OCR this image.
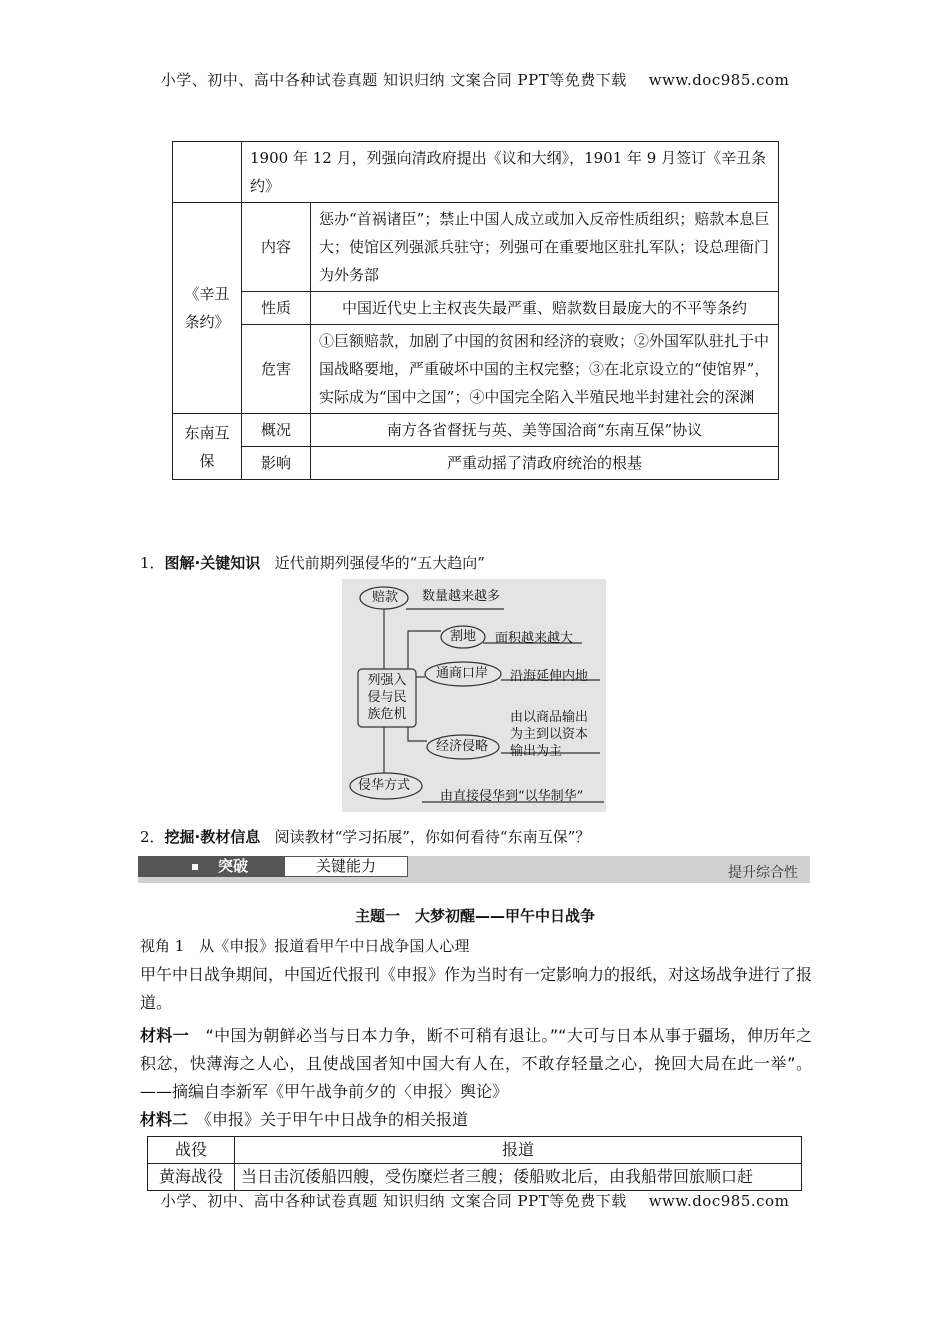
小学、初中、高中各种试卷真题 知识归纳 文案合同 PPT等免费下载 www.doc985.com
	1900 年 12 月，列强向清政府提出《议和大纲》，1901 年 9 月签订《辛丑条约》	
《辛丑条约》	内容	惩办“首祸诸臣”；禁止中国人成立或加入反帝性质组织；赔款本息巨大；使馆区列强派兵驻守；列强可在重要地区驻扎军队；设总理衙门为外务部
	性质	中国近代史上主权丧失最严重、赔款数目最庞大的不平等条约
	危害	①巨额赔款，加剧了中国的贫困和经济的衰败；②外国军队驻扎于中国战略要地，严重破坏中国的主权完整；③在北京设立的“使馆界”，实际成为“国中之国”；④中国完全陷入半殖民地半封建社会的深渊
东南互保	概况	南方各省督抚与英、美等国洽商“东南互保”协议
	影响	严重动摇了清政府统治的根基
1．图解·关键知识 近代前期列强侵华的“五大趋向”
赔款 数量越来越多
割地 面积越来越大
通商口岸 沿海延伸内地
列强入
侵与民
族危机	由以商品输出
为主到以资本
输出为主
经济侵略
侵华方式
由直接侵华到“以华制华”
2．挖掘·教材信息 阅读教材“学习拓展”，你如何看待“东南互保”？
突破	关键能力	提升综合性
主题一　大梦初醒——甲午中日战争
视角 1　从《申报》报道看甲午中日战争国人心理
甲午中日战争期间，中国近代报刊《申报》作为当时有一定影响力的报纸，对这场战争进行了报道。
材料一　“中国为朝鲜必当与日本力争，断不可稍有退让。”“大可与日本从事于疆场，伸历年之积忿，快薄海之人心，且使战国者知中国大有人在，不敢存轻量之心，挽回大局在此一举”。——摘编自李新军《甲午战争前夕的〈申报〉舆论》
材料二　《申报》关于甲午中日战争的相关报道
战役	报道
黄海战役	当日击沉倭船四艘，受伤糜烂者三艘；倭船败北后，由我船带回旅顺口赶
小学、初中、高中各种试卷真题 知识归纳 文案合同 PPT等免费下载 www.doc985.com
